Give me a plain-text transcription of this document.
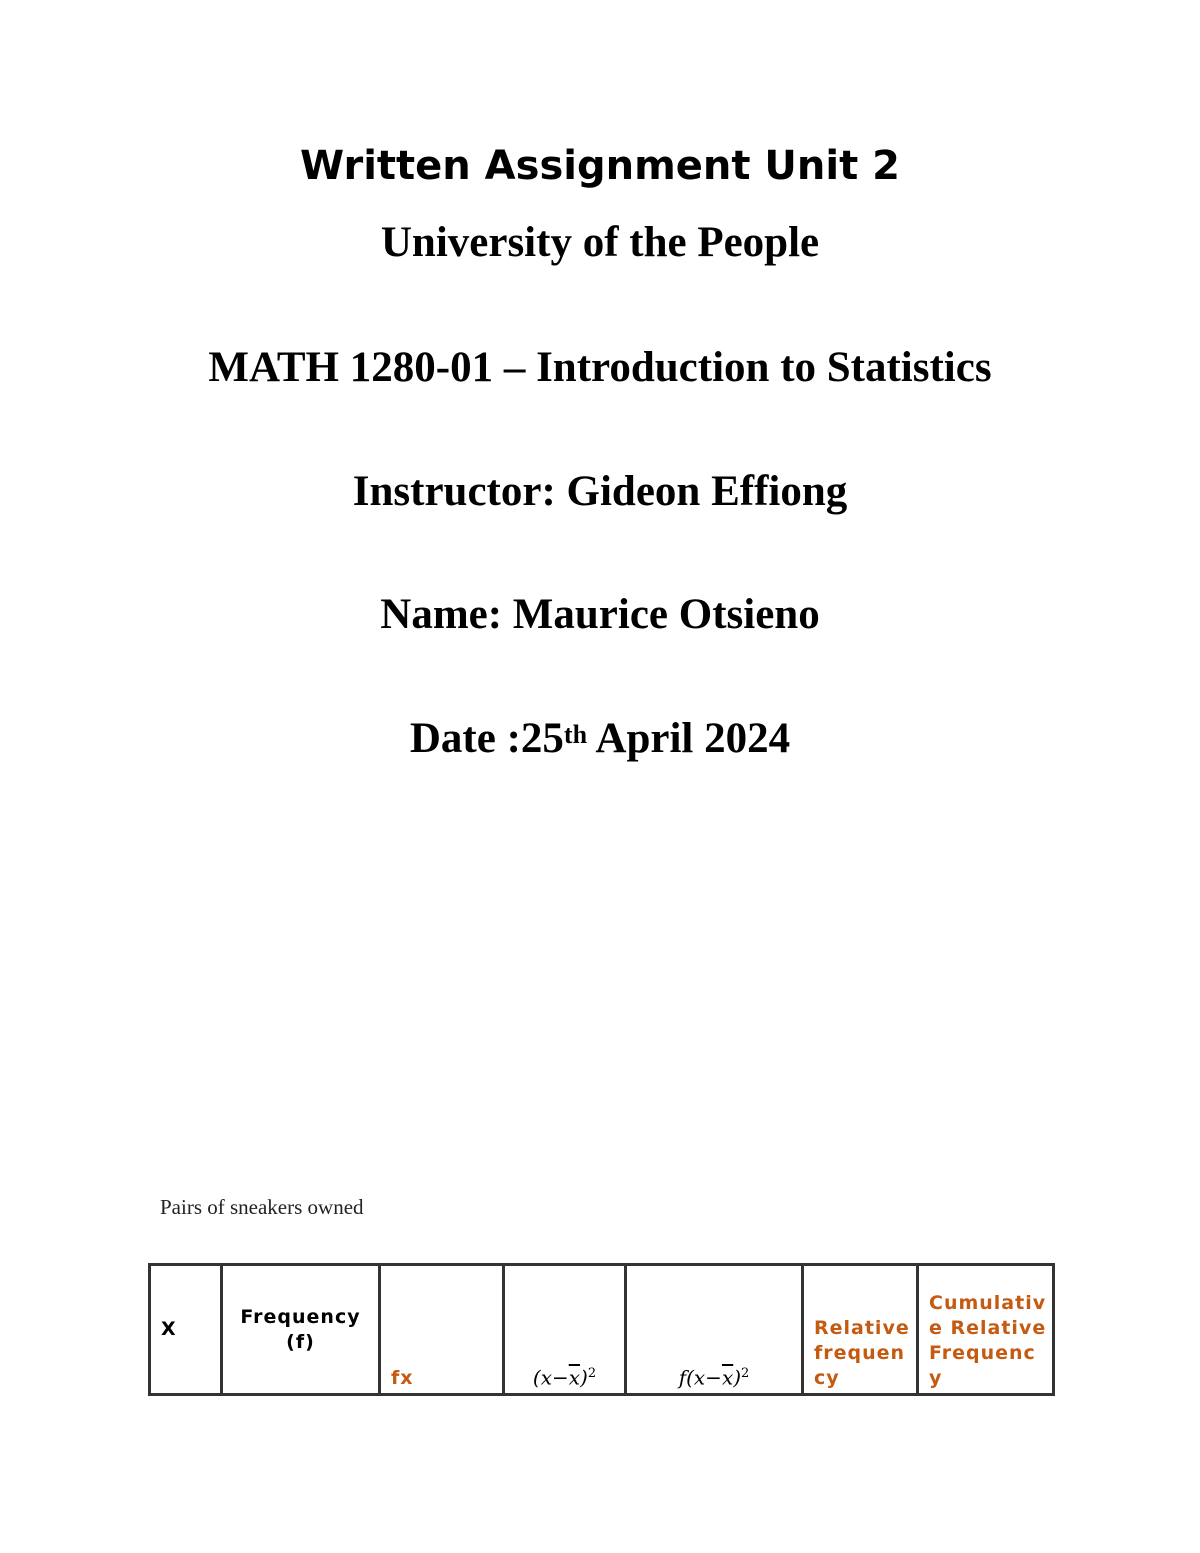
Written Assignment Unit 2
University of the People
MATH 1280-01 – Introduction to Statistics
Instructor: Gideon Effiong
Name: Maurice Otsieno
Date :25th April 2024
Pairs of sneakers owned
X	Frequency (f)	fx	$(x-\overline{x})^2$	$f(x-\overline{x})^2$	Relative frequency	Cumulative Relative Frequency
